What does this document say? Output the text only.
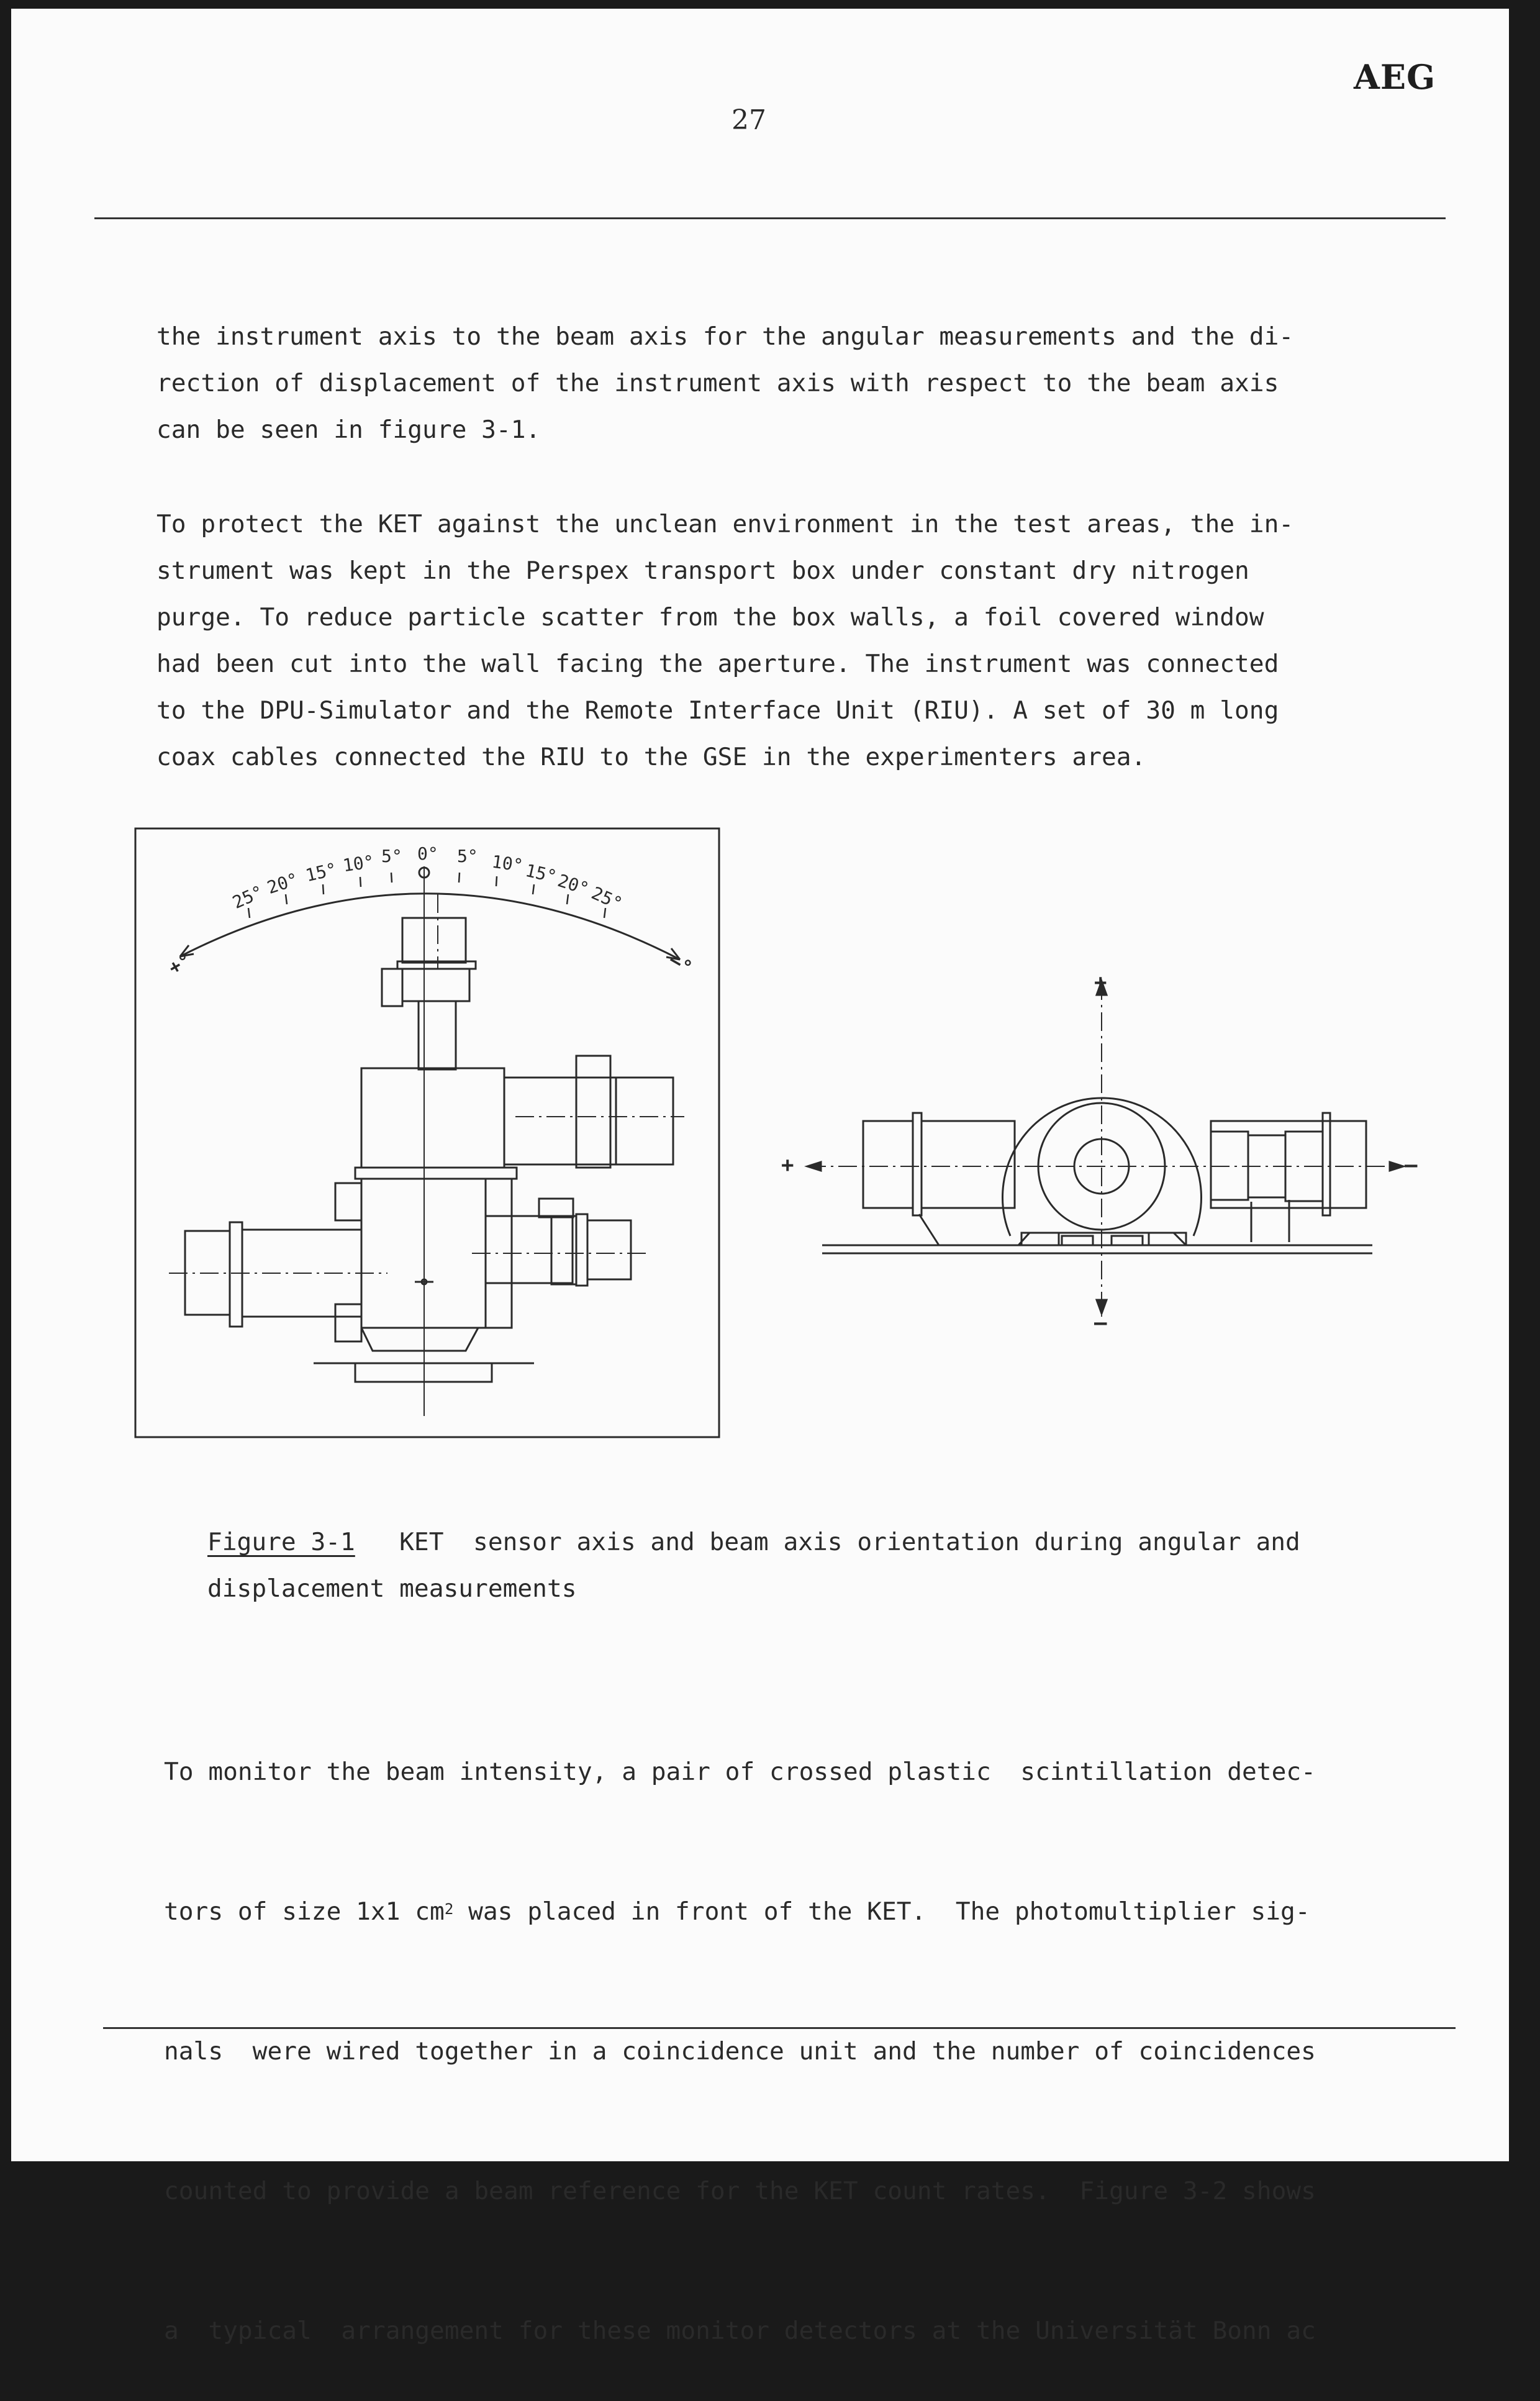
AEG
27
the instrument axis to the beam axis for the angular measurements and the di-
rection of displacement of the instrument axis with respect to the beam axis
can be seen in figure 3-1.
To protect the KET against the unclean environment in the test areas, the in-
strument was kept in the Perspex transport box under constant dry nitrogen
purge. To reduce particle scatter from the box walls, a foil covered window
had been cut into the wall facing the aperture. The instrument was connected
to the DPU-Simulator and the Remote Interface Unit (RIU). A set of 30 m long
coax cables connected the RIU to the GSE in the experimenters area.
25°
20° 15° 10° 5° 0° 5° 10°
15°
20°
25°
+°	–°
+
–
+	–
Figure 3-1   KET  sensor axis and beam axis orientation during angular and
displacement measurements

To monitor the beam intensity, a pair of crossed plastic  scintillation detec-

tors of size 1x1 $cm^2$ was placed in front of the KET.  The photomultiplier sig-

nals  were wired together in a coincidence unit and the number of coincidences

counted to provide a beam reference for the KET count rates.  Figure 3-2 shows

a  typical  arrangement for these monitor detectors at the Universität Bonn ac
